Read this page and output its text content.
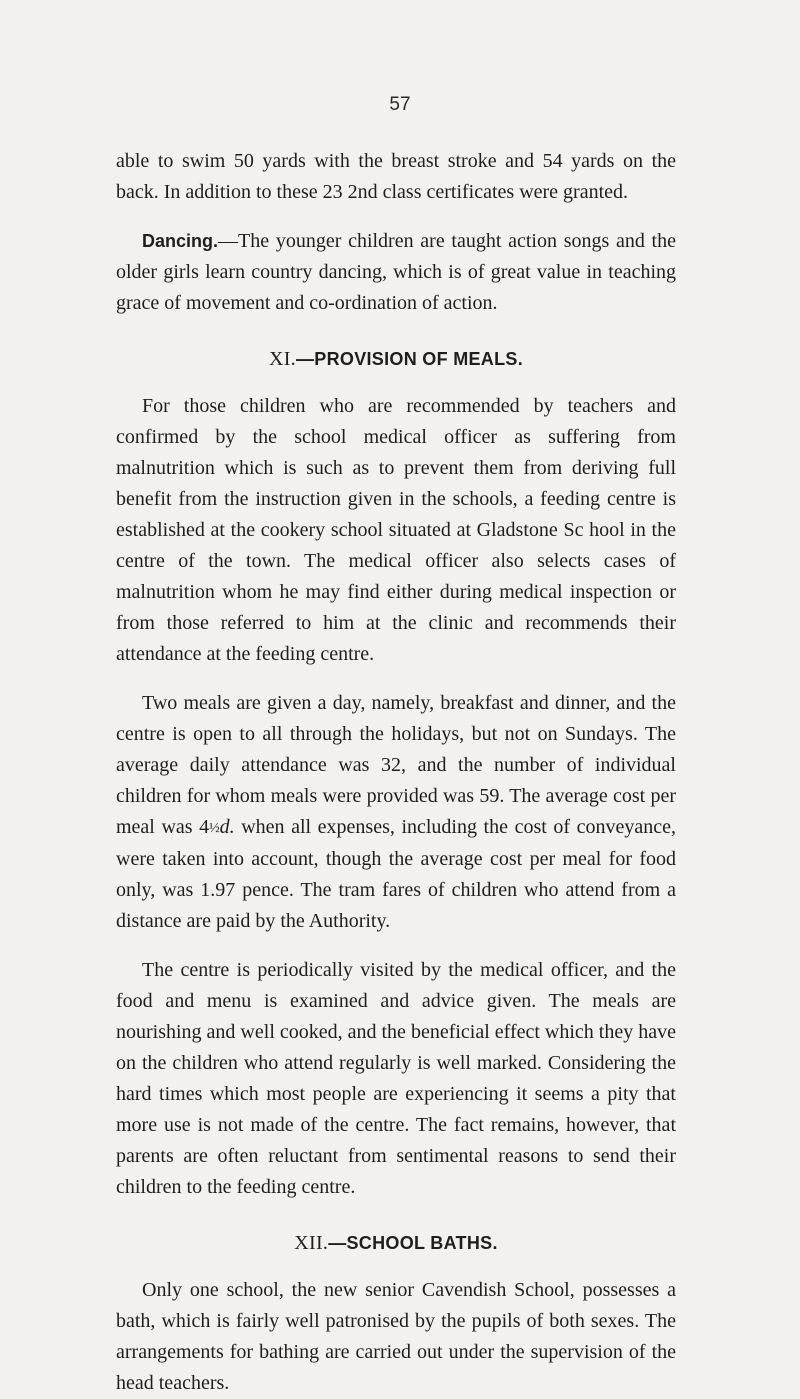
57

able to swim 50 yards with the breast stroke and 54 yards on the back. In addition to these 23 2nd class certificates were granted.

Dancing.—The younger children are taught action songs and the older girls learn country dancing, which is of great value in teaching grace of movement and co-ordination of action.

XI.—PROVISION OF MEALS.

For those children who are recommended by teachers and confirmed by the school medical officer as suffering from malnutrition which is such as to prevent them from deriving full benefit from the instruction given in the schools, a feeding centre is established at the cookery school situated at Gladstone Sc hool in the centre of the town. The medical officer also selects cases of malnutrition whom he may find either during medical inspection or from those referred to him at the clinic and recommends their attendance at the feeding centre.

Two meals are given a day, namely, breakfast and dinner, and the centre is open to all through the holidays, but not on Sundays. The average daily attendance was 32, and the number of individual children for whom meals were provided was 59. The average cost per meal was 4½d. when all expenses, including the cost of conveyance, were taken into account, though the average cost per meal for food only, was 1.97 pence. The tram fares of children who attend from a distance are paid by the Authority.

The centre is periodically visited by the medical officer, and the food and menu is examined and advice given. The meals are nourishing and well cooked, and the beneficial effect which they have on the children who attend regularly is well marked. Considering the hard times which most people are experiencing it seems a pity that more use is not made of the centre. The fact remains, however, that parents are often reluctant from sentimental reasons to send their children to the feeding centre.

XII.—SCHOOL BATHS.

Only one school, the new senior Cavendish School, possesses a bath, which is fairly well patronised by the pupils of both sexes. The arrangements for bathing are carried out under the supervision of the head teachers.
